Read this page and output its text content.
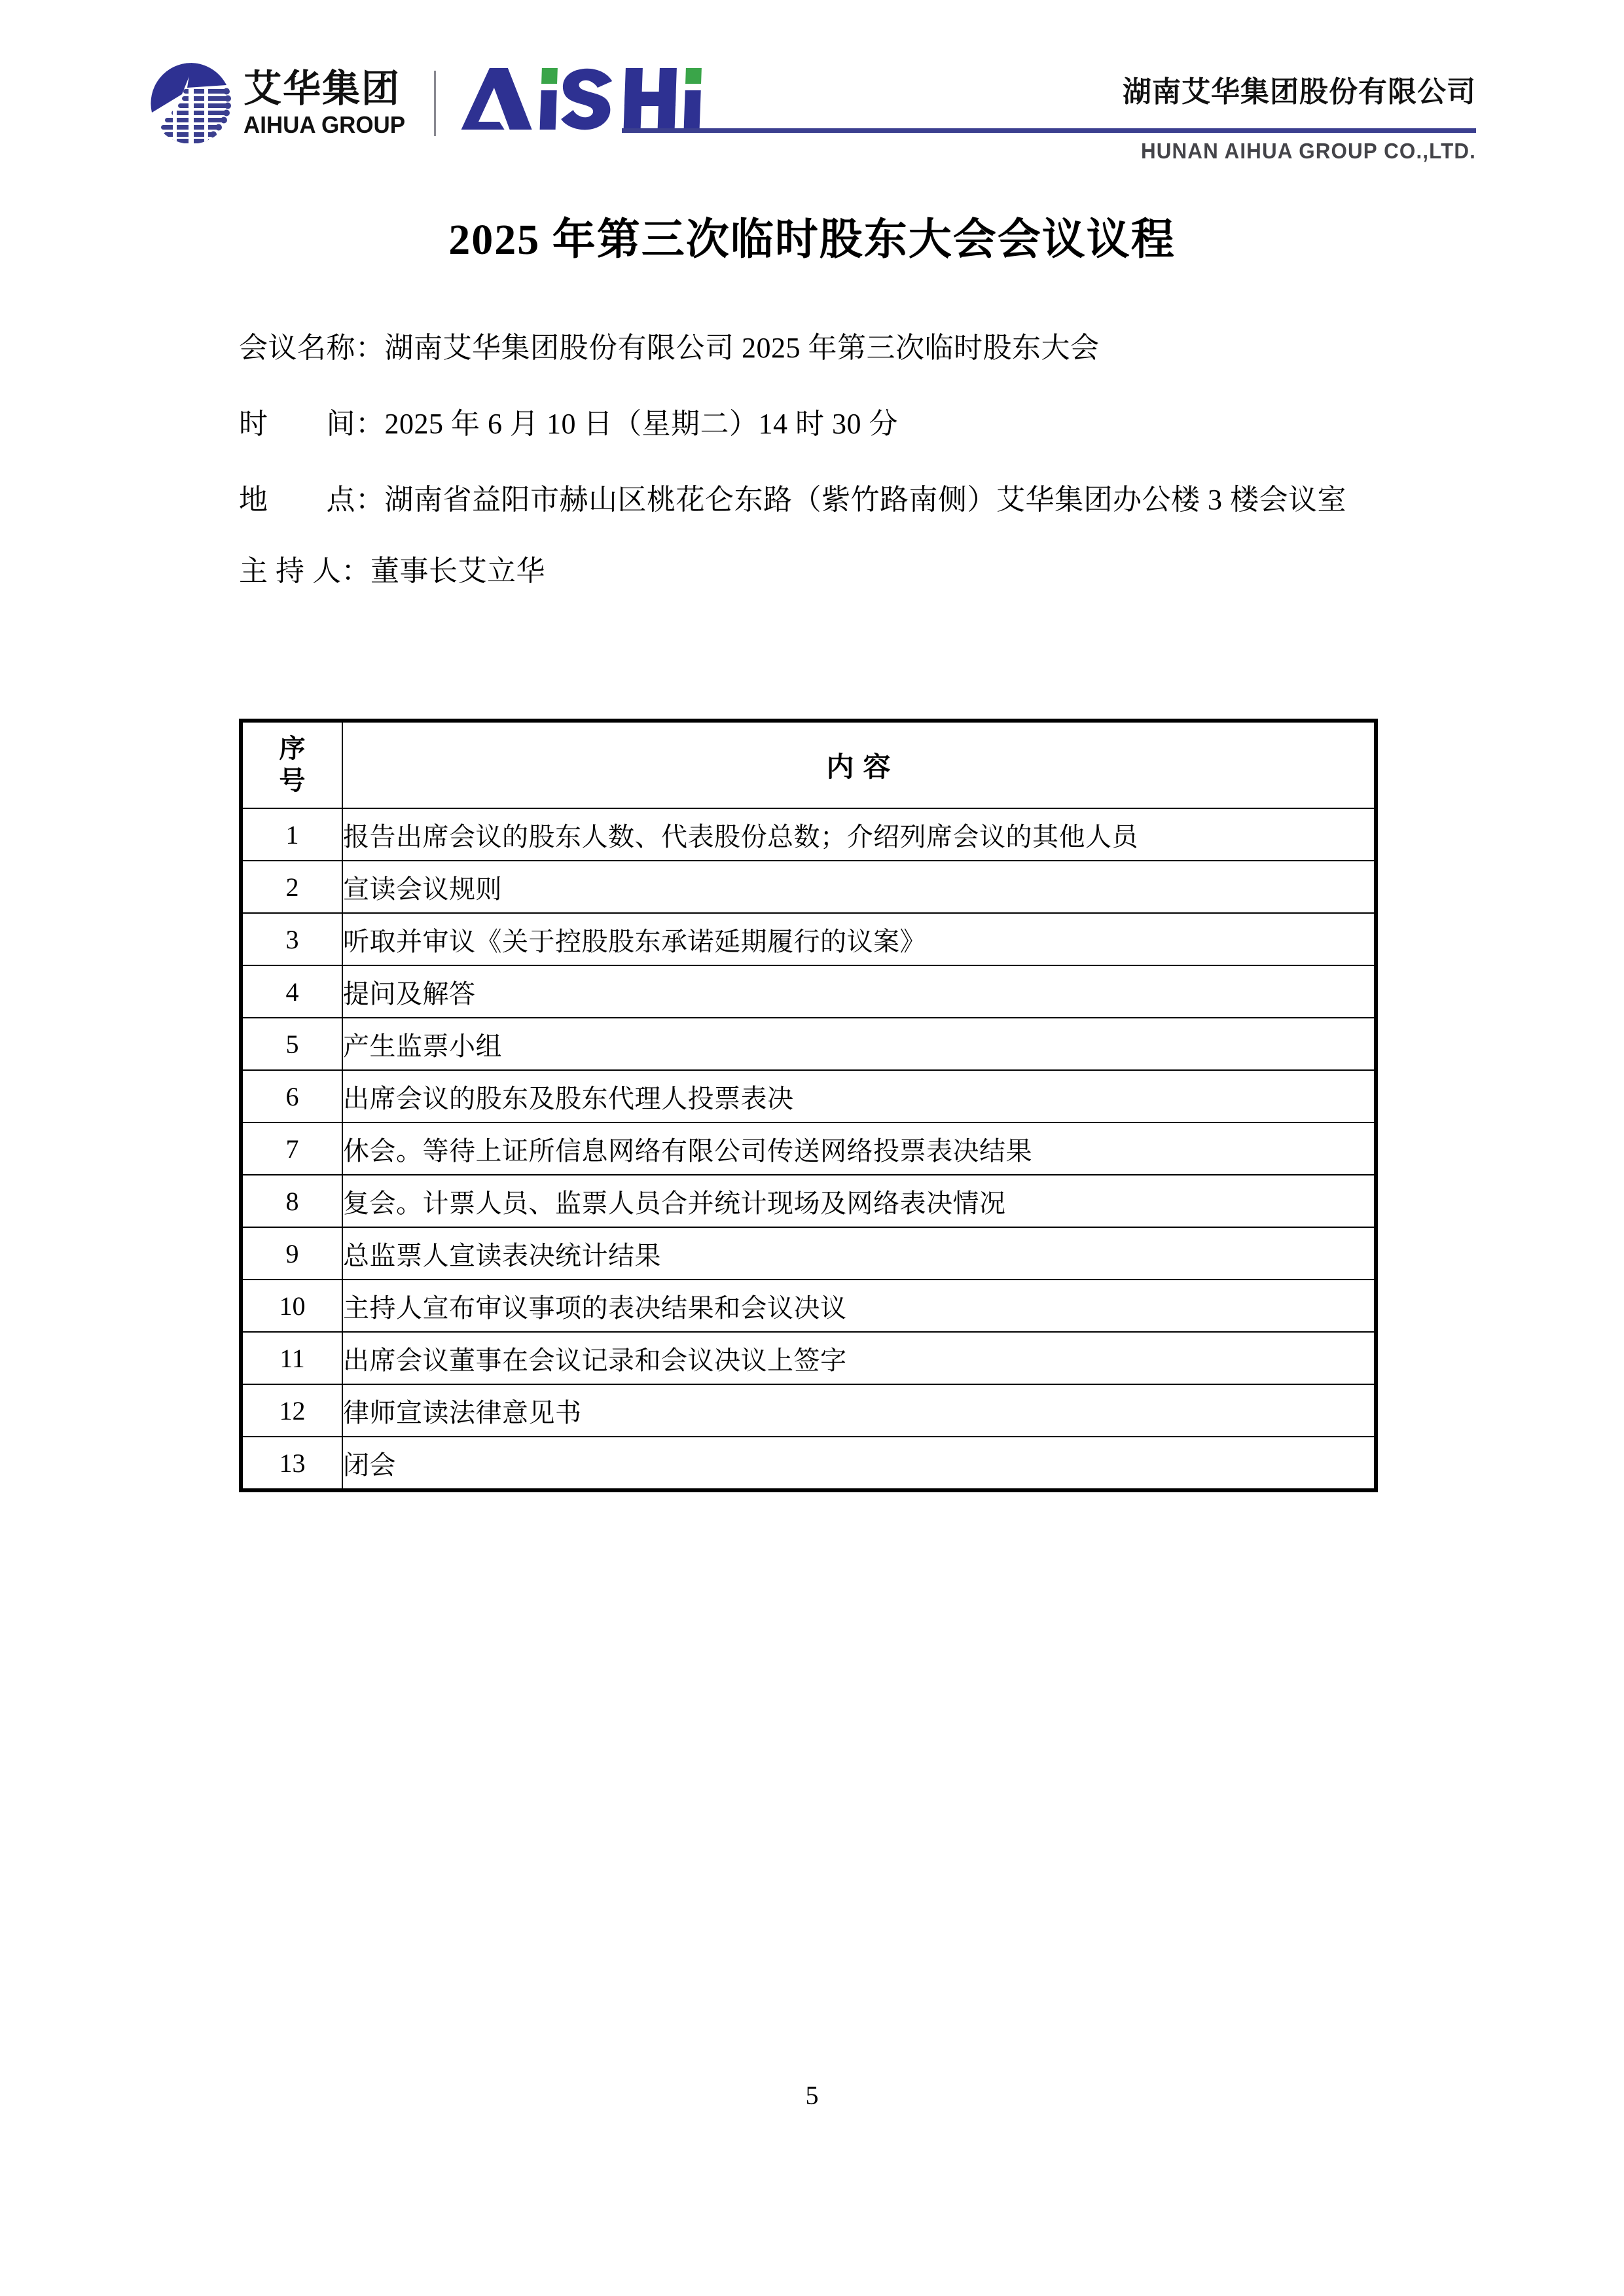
艾华集团
AIHUA GROUP
湖南艾华集团股份有限公司
HUNAN AIHUA GROUP CO.,LTD.
2025 年第三次临时股东大会会议议程
会议名称：湖南艾华集团股份有限公司 2025 年第三次临时股东大会
时　　间：2025 年 6 月 10 日（星期二）14 时 30 分
地　　点：湖南省益阳市赫山区桃花仑东路（紫竹路南侧）艾华集团办公楼 3 楼会议室
主 持 人：董事长艾立华
序
号	内容
1	报告出席会议的股东人数、代表股份总数；介绍列席会议的其他人员
2	宣读会议规则
3	听取并审议《关于控股股东承诺延期履行的议案》
4	提问及解答
5	产生监票小组
6	出席会议的股东及股东代理人投票表决
7	休会。等待上证所信息网络有限公司传送网络投票表决结果
8	复会。计票人员、监票人员合并统计现场及网络表决情况
9	总监票人宣读表决统计结果
10	主持人宣布审议事项的表决结果和会议决议
11	出席会议董事在会议记录和会议决议上签字
12	律师宣读法律意见书
13	闭会
5
